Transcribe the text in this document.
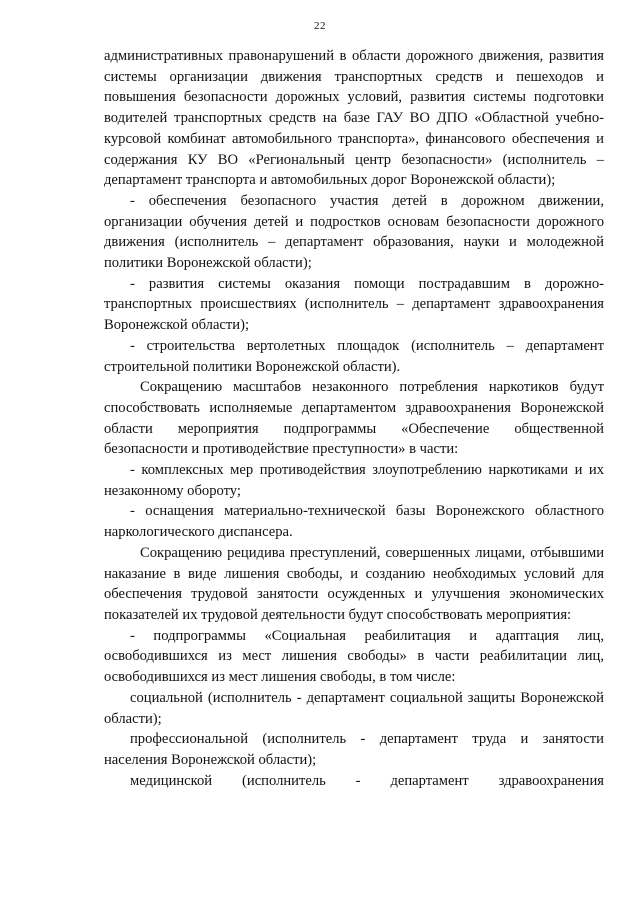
22

административных правонарушений в области дорожного движения, развития системы организации движения транспортных средств и пешеходов и повышения безопасности дорожных условий, развития системы подготовки водителей транспортных средств на базе ГАУ ВО ДПО «Областной учебно-курсовой комбинат автомобильного транспорта», финансового обеспечения и содержания КУ ВО «Региональный центр безопасности» (исполнитель – департамент транспорта и автомобильных дорог Воронежской области);

- обеспечения безопасного участия детей в дорожном движении, организации обучения детей и подростков основам безопасности дорожного движения (исполнитель – департамент образования, науки и молодежной политики Воронежской области);

- развития системы оказания помощи пострадавшим в дорожно-транспортных происшествиях (исполнитель – департамент здравоохранения Воронежской области);

- строительства вертолетных площадок (исполнитель – департамент строительной политики Воронежской области).

Сокращению масштабов незаконного потребления наркотиков будут способствовать исполняемые департаментом здравоохранения Воронежской области мероприятия подпрограммы «Обеспечение общественной безопасности и противодействие преступности» в части:

- комплексных мер противодействия злоупотреблению наркотиками и их незаконному обороту;

- оснащения материально-технической базы Воронежского областного наркологического диспансера.

Сокращению рецидива преступлений, совершенных лицами, отбывшими наказание в виде лишения свободы, и созданию необходимых условий для обеспечения трудовой занятости осужденных и улучшения экономических показателей их трудовой деятельности будут способствовать мероприятия:

- подпрограммы «Социальная реабилитация и адаптация лиц, освободившихся из мест лишения свободы» в части реабилитации лиц, освободившихся из мест лишения свободы, в том числе:

социальной (исполнитель - департамент социальной защиты Воронежской области);

профессиональной (исполнитель - департамент труда и занятости населения Воронежской области);

медицинской (исполнитель - департамент здравоохранения
